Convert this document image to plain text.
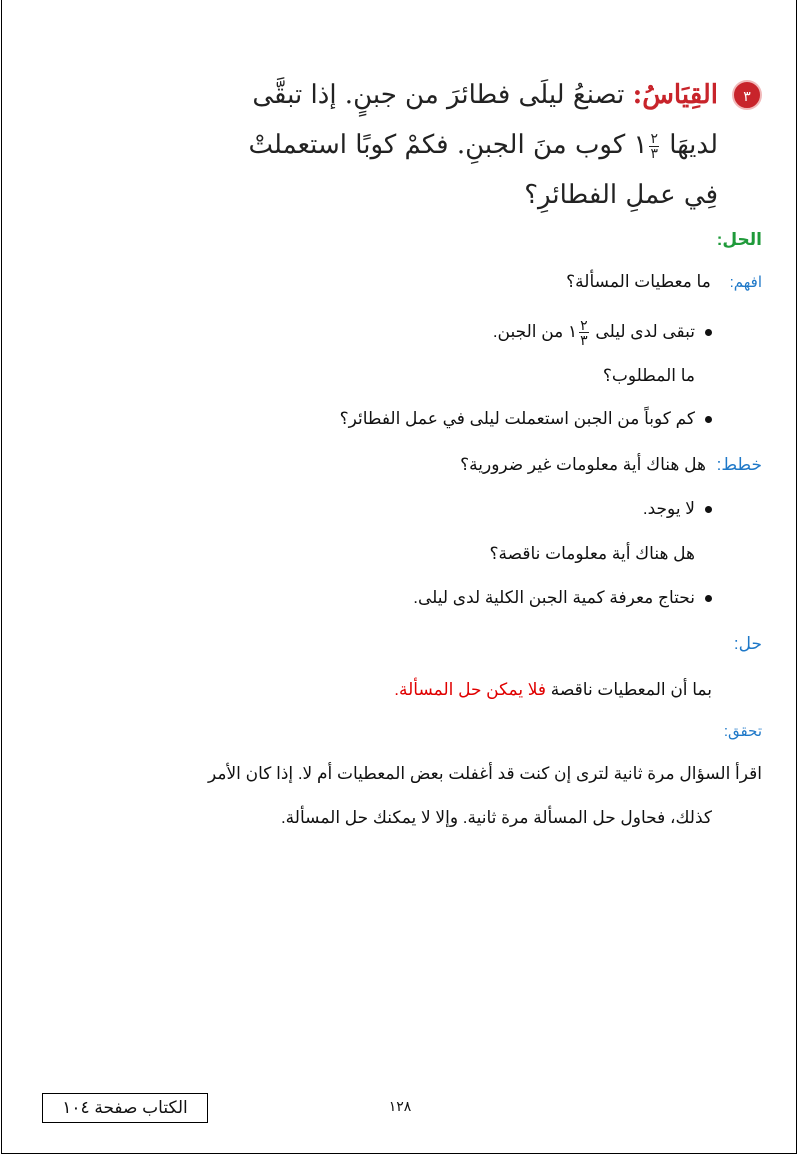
٣
القِيَاسُ: تصنعُ ليلَى فطائرَ من جبنٍ. إذا تبقَّى
لديهَا
$\frac{٢}{٣}$
١ كوب منَ الجبنِ. فكمْ كوبًا استعملتْ
فِي عملِ الفطائرِ؟
الحل:
افهم: ما معطيات المسألة؟
تبقى لدى ليلى
$\frac{٢}{٣}$
١ من الجبن.
ما المطلوب؟
كم كوباً من الجبن استعملت ليلى في عمل الفطائر؟
خطط: هل هناك أية معلومات غير ضرورية؟
لا يوجد.
هل هناك أية معلومات ناقصة؟
نحتاج معرفة كمية الجبن الكلية لدى ليلى.
حل:
بما أن المعطيات ناقصة فلا يمكن حل المسألة.
تحقق:
اقرأ السؤال مرة ثانية لترى إن كنت قد أغفلت بعض المعطيات أم لا. إذا كان الأمر
كذلك، فحاول حل المسألة مرة ثانية. وإلا لا يمكنك حل المسألة.
الكتاب صفحة ١٠٤	١٢٨
